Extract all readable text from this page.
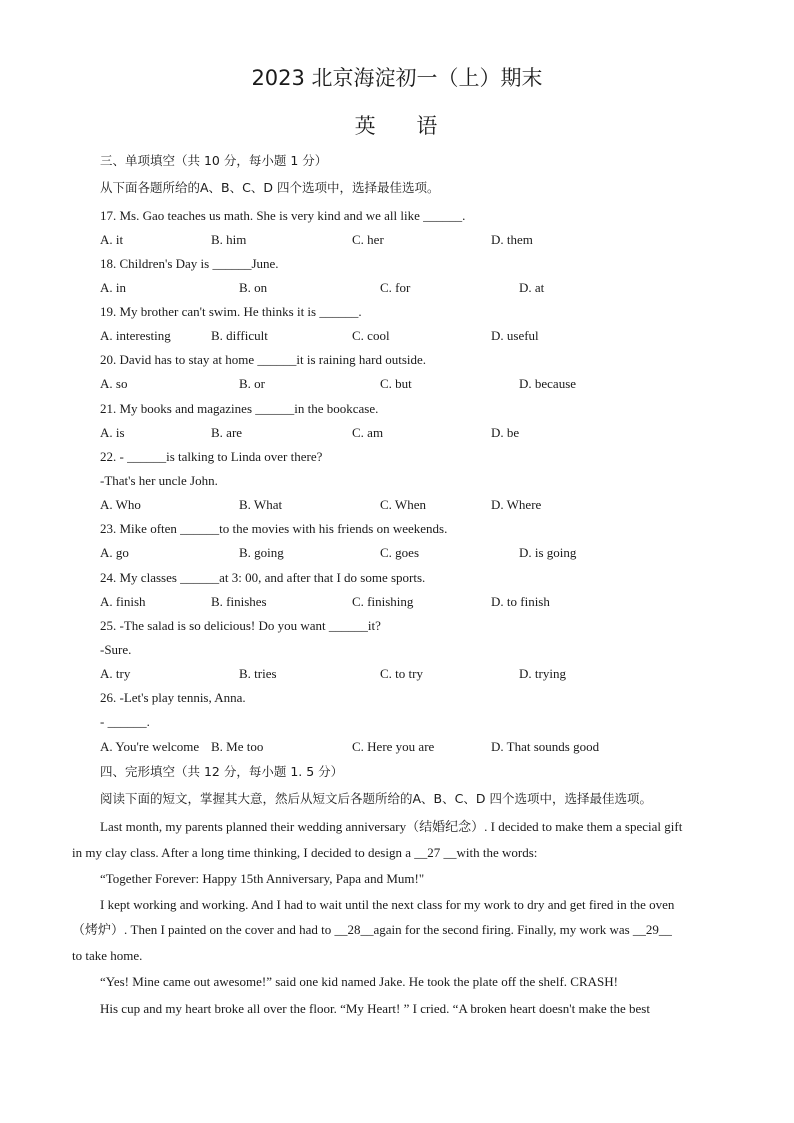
2023 北京海淀初一（上）期末
英 语
三、单项填空（共 10 分，每小题 1 分）
从下面各题所给的A、B、C、D 四个选项中，选择最佳选项。
17. Ms. Gao teaches us math. She is very kind and we all like ______.
A. it	B. him	C. her	D. them
18. Children's Day is ______June.
A. in	B. on	C. for	D. at
19. My brother can't swim. He thinks it is ______.
A. interesting	B. difficult	C. cool	D. useful
20. David has to stay at home ______it is raining hard outside.
A. so	B. or	C. but	D. because
21. My books and magazines ______in the bookcase.
A. is	B. are	C. am	D. be
22. - ______is talking to Linda over there?
-That's her uncle John.
A. Who	B. What	C. When	D. Where
23. Mike often ______to the movies with his friends on weekends.
A. go	B. going	C. goes	D. is going
24. My classes ______at 3: 00, and after that I do some sports.
A. finish	B. finishes	C. finishing	D. to finish
25. -The salad is so delicious! Do you want ______it?
-Sure.
A. try	B. tries	C. to try	D. trying
26. -Let's play tennis, Anna.
- ______.
A. You're welcome B. Me too	C. Here you are	D. That sounds good
四、完形填空（共 12 分，每小题 1. 5 分）
阅读下面的短文，掌握其大意，然后从短文后各题所给的A、B、C、D 四个选项中，选择最佳选项。
Last month, my parents planned their wedding anniversary（结婚纪念）. I decided to make them a special gift
in my clay class. After a long time thinking, I decided to design a __27 __with the words:
“Together Forever: Happy 15th Anniversary, Papa and Mum!"
I kept working and working. And I had to wait until the next class for my work to dry and get fired in the oven
（烤炉）. Then I painted on the cover and had to __28__again for the second firing. Finally, my work was __29__
to take home.
“Yes! Mine came out awesome!” said one kid named Jake. He took the plate off the shelf. CRASH!
His cup and my heart broke all over the floor. “My Heart! ” I cried. “A broken heart doesn't make the best
